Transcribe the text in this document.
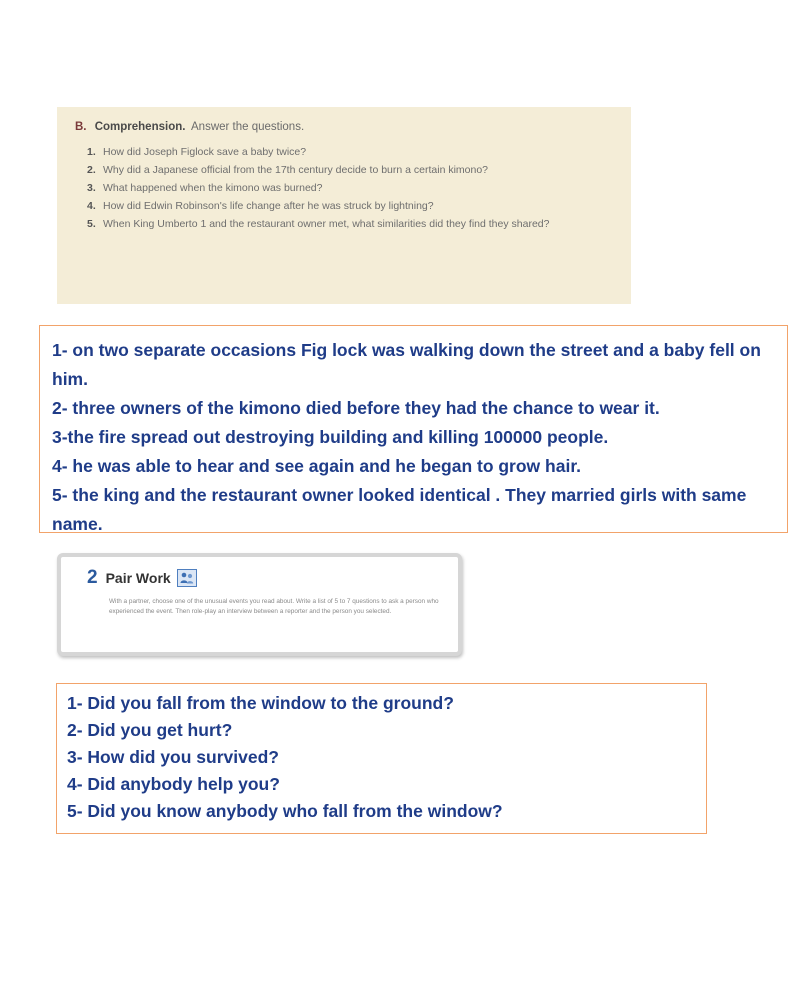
B. Comprehension. Answer the questions.
1. How did Joseph Figlock save a baby twice?
2. Why did a Japanese official from the 17th century decide to burn a certain kimono?
3. What happened when the kimono was burned?
4. How did Edwin Robinson's life change after he was struck by lightning?
5. When King Umberto 1 and the restaurant owner met, what similarities did they find they shared?
1- on two separate occasions Fig lock was walking down the street and a baby fell on him.
2- three owners of the kimono died before they had the chance to wear it.
3-the fire spread out destroying building and killing 100000 people.
4- he was able to hear and see again and he began to grow hair.
5- the king and the restaurant owner looked identical . They married girls with same name.
2 Pair Work
With a partner, choose one of the unusual events you read about. Write a list of 5 to 7 questions to ask a person who experienced the event. Then role-play an interview between a reporter and the person you selected.
1- Did you fall from the window to the ground?
2- Did you get hurt?
3- How did you survived?
4- Did anybody help you?
5- Did you know anybody who fall from the window?
